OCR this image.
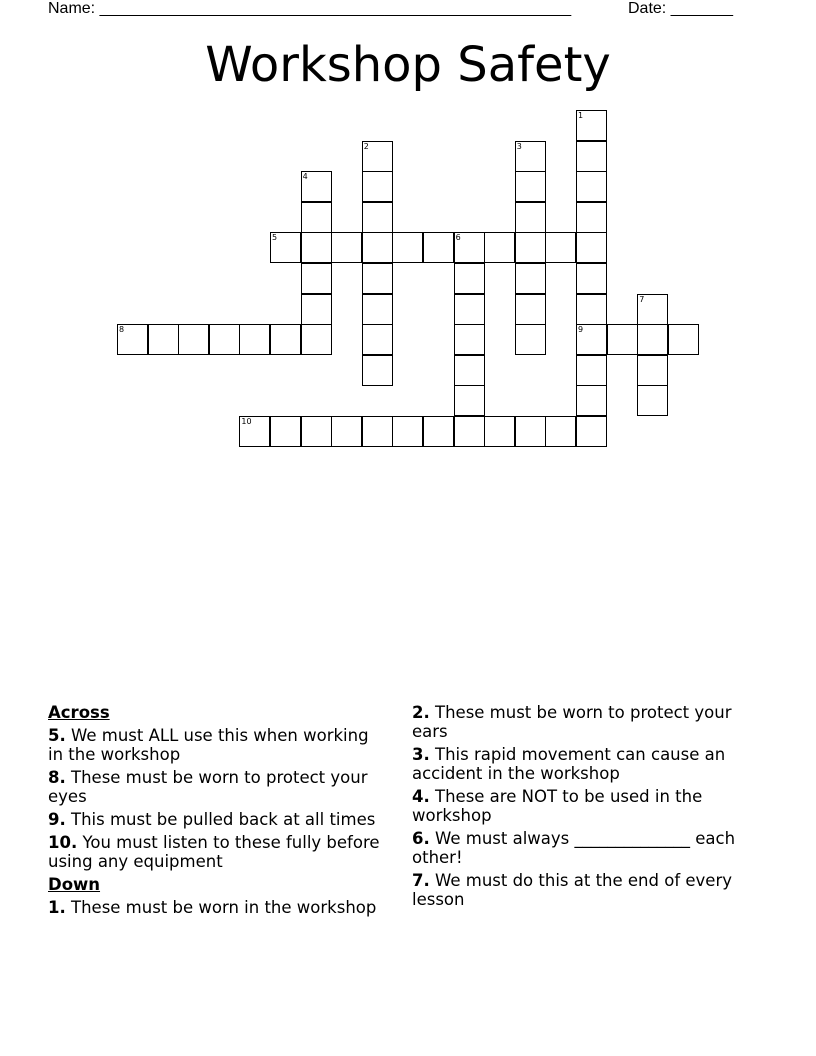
Name: _____________________________________________________	Date: _______
Workshop Safety
1
9
2	3
4
5	6
7
8
10
Across
5. We must ALL use this when working in the workshop
8. These must be worn to protect your eyes
9. This must be pulled back at all times
10. You must listen to these fully before using any equipment
Down
1. These must be worn in the workshop
2. These must be worn to protect your ears
3. This rapid movement can cause an accident in the workshop
4. These are NOT to be used in the workshop
6. We must always ______________ each other!
7. We must do this at the end of every lesson
